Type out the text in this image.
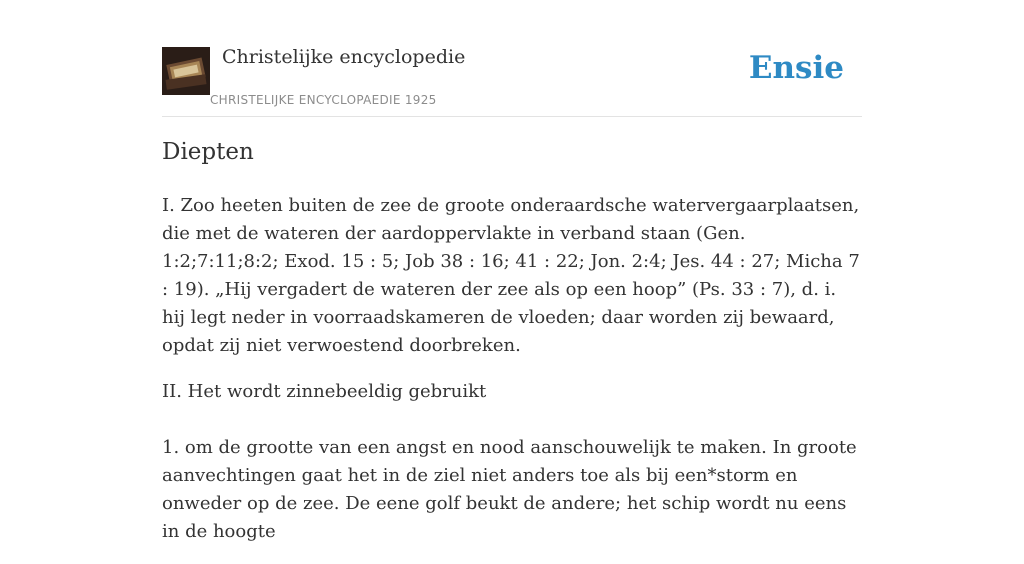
Christelijke encyclopedie
CHRISTELIJKE ENCYCLOPAEDIE 1925
Ensie
Diepten

I. Zoo heeten buiten de zee de groote onderaardsche watervergaarplaatsen, die met de wateren der aardoppervlakte in verband staan (Gen. 1:2;7:11;8:2; Exod. 15 : 5; Job 38 : 16; 41 : 22; Jon. 2:4; Jes. 44 : 27; Micha 7 : 19). „Hij vergadert de wateren der zee als op een hoop” (Ps. 33 : 7), d. i. hij legt neder in voorraadskameren de vloeden; daar worden zij bewaard, opdat zij niet verwoestend doorbreken.

II. Het wordt zinnebeeldig gebruikt

1. om de grootte van een angst en nood aanschouwelijk te maken. In groote aanvechtingen gaat het in de ziel niet anders toe als bij een*storm en onweder op de zee. De eene golf beukt de andere; het schip wordt nu eens in de hoogte
